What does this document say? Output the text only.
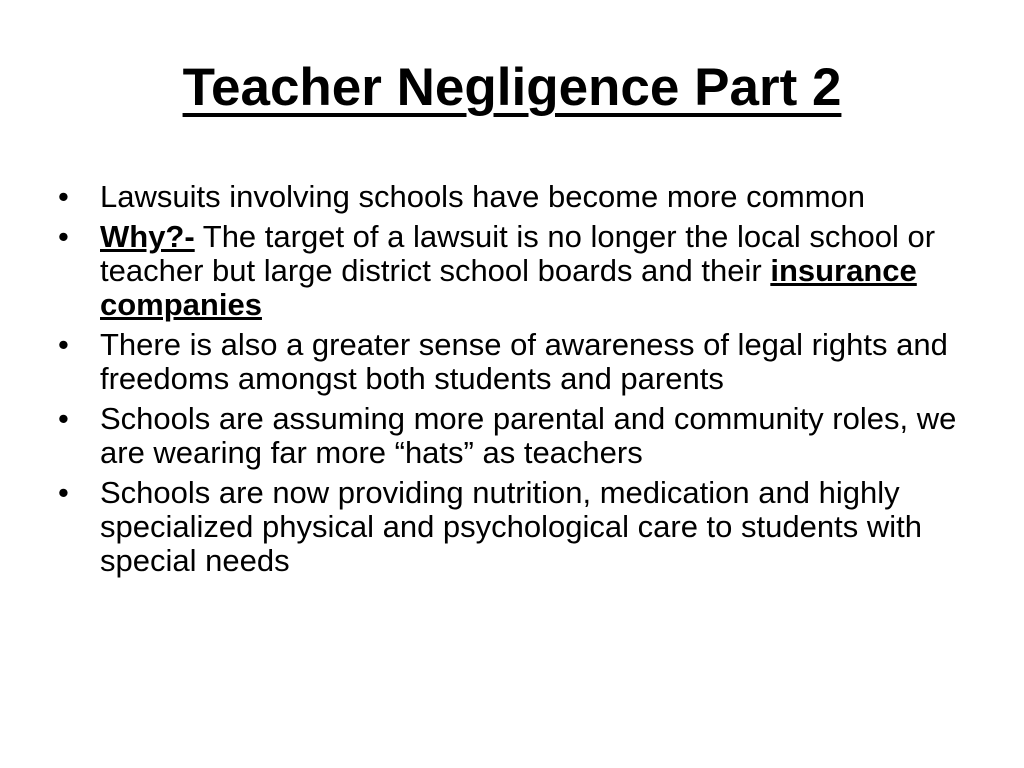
Teacher Negligence Part 2
• Lawsuits involving schools have become more common
• Why?- The target of a lawsuit is no longer the local school or teacher but large district school boards and their insurance companies
• There is also a greater sense of awareness of legal rights and freedoms amongst both students and parents
• Schools are assuming more parental and community roles, we are wearing far more “hats” as teachers
• Schools are now providing nutrition, medication and highly specialized physical and psychological care to students with special needs
